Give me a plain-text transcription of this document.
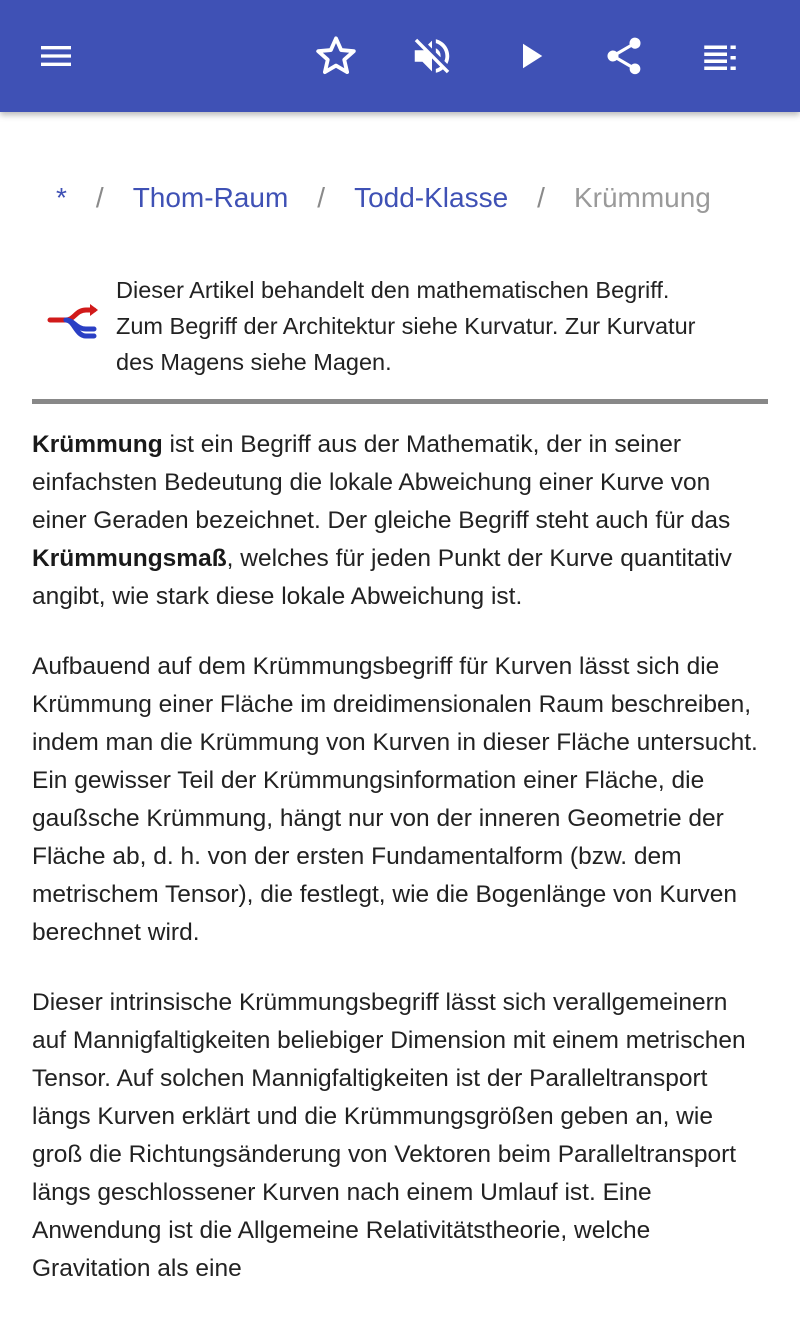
* / Thom-Raum / Todd-Klasse / Krümmung
Dieser Artikel behandelt den mathematischen Begriff.
Zum Begriff der Architektur siehe Kurvatur. Zur Kurvatur
des Magens siehe Magen.

Krümmung ist ein Begriff aus der Mathematik, der in seiner einfachsten Bedeutung die lokale Abweichung einer Kurve von einer Geraden bezeichnet. Der gleiche Begriff steht auch für das Krümmungsmaß, welches für jeden Punkt der Kurve quantitativ angibt, wie stark diese lokale Abweichung ist.

Aufbauend auf dem Krümmungsbegriff für Kurven lässt sich die Krümmung einer Fläche im dreidimensionalen Raum beschreiben, indem man die Krümmung von Kurven in dieser Fläche untersucht. Ein gewisser Teil der Krümmungsinformation einer Fläche, die gaußsche Krümmung, hängt nur von der inneren Geometrie der Fläche ab, d. h. von der ersten Fundamentalform (bzw. dem metrischem Tensor), die festlegt, wie die Bogenlänge von Kurven berechnet wird.

Dieser intrinsische Krümmungsbegriff lässt sich verallgemeinern auf Mannigfaltigkeiten beliebiger Dimension mit einem metrischen Tensor. Auf solchen Mannigfaltigkeiten ist der Paralleltransport längs Kurven erklärt und die Krümmungsgrößen geben an, wie groß die Richtungsänderung von Vektoren beim Paralleltransport längs geschlossener Kurven nach einem Umlauf ist. Eine Anwendung ist die Allgemeine Relativitätstheorie, welche Gravitation als eine
